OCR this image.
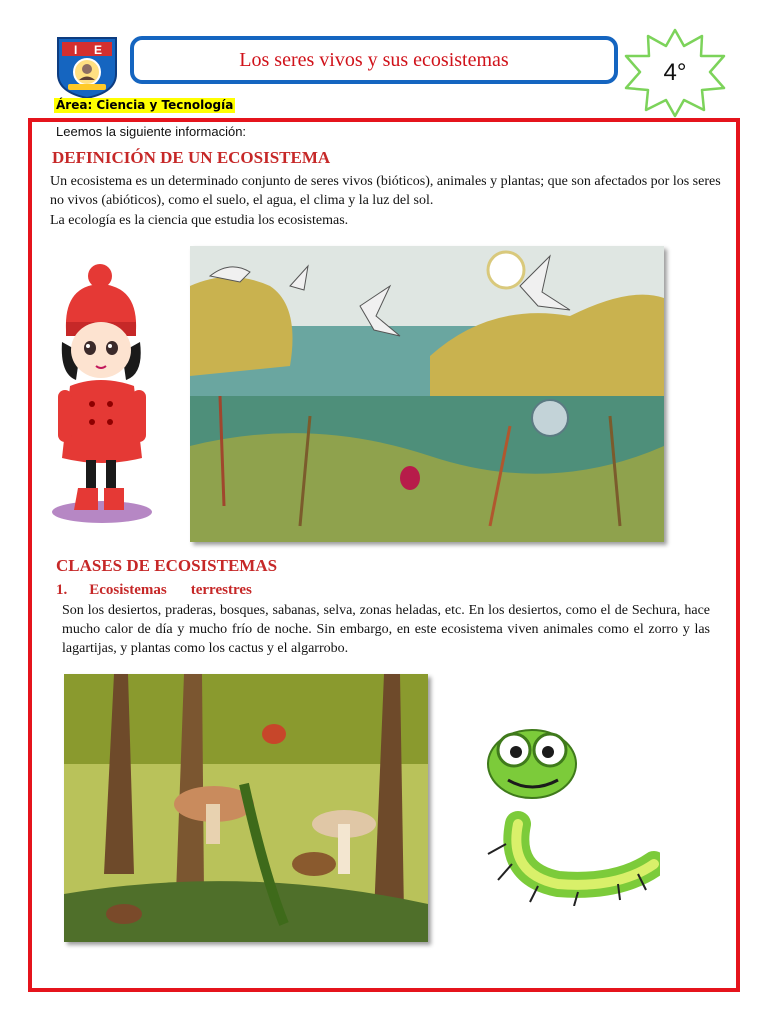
I E	Los seres vivos y sus ecosistemas	4°
Área: Ciencia y Tecnología
Leemos la siguiente información:
DEFINICIÓN DE UN ECOSISTEMA
Un ecosistema es un determinado conjunto de seres vivos (bióticos), animales y plantas; que son afectados por los seres no vivos (abióticos), como el suelo, el agua, el clima y la luz del sol.
La ecología es la ciencia que estudia los ecosistemas.
CLASES DE ECOSISTEMAS
1. Ecosistemas terrestres
Son los desiertos, praderas, bosques, sabanas, selva, zonas heladas, etc. En los desiertos, como el de Sechura, hace mucho calor de día y mucho frío de noche. Sin embargo, en este ecosistema viven animales como el zorro y las lagartijas, y plantas como los cactus y el algarrobo.
